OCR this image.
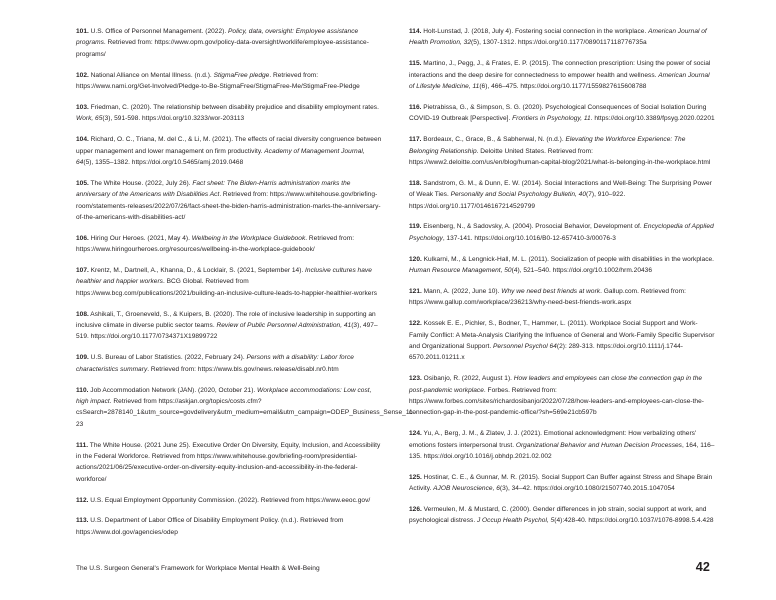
101. U.S. Office of Personnel Management. (2022). Policy, data, oversight: Employee assistance programs. Retrieved from: https://www.opm.gov/policy-data-oversight/worklife/employee-assistance-programs/

102. National Alliance on Mental Illness. (n.d.). StigmaFree pledge. Retrieved from: https://www.nami.org/Get-Involved/Pledge-to-Be-StigmaFree/StigmaFree-Me/StigmaFree-Pledge

103. Friedman, C. (2020). The relationship between disability prejudice and disability employment rates. Work, 65(3), 591-598. https://doi.org/10.3233/wor-203113

104. Richard, O. C., Triana, M. del C., & Li, M. (2021). The effects of racial diversity congruence between upper management and lower management on firm productivity. Academy of Management Journal, 64(5), 1355–1382. https://doi.org/10.5465/amj.2019.0468

105. The White House. (2022, July 26). Fact sheet: The Biden-Harris administration marks the anniversary of the Americans with Disabilities Act. Retrieved from: https://www.whitehouse.gov/briefing-room/statements-releases/2022/07/26/fact-sheet-the-biden-harris-administration-marks-the-anniversary-of-the-americans-with-disabilities-act/

106. Hiring Our Heroes. (2021, May 4). Wellbeing in the Workplace Guidebook. Retrieved from: https://www.hiringourheroes.org/resources/wellbeing-in-the-workplace-guidebook/

107. Krentz, M., Dartnell, A., Khanna, D., & Locklair, S. (2021, September 14). Inclusive cultures have healthier and happier workers. BCG Global. Retrieved from https://www.bcg.com/publications/2021/building-an-inclusive-culture-leads-to-happier-healthier-workers

108. Ashikali, T., Groeneveld, S., & Kuipers, B. (2020). The role of inclusive leadership in supporting an inclusive climate in diverse public sector teams. Review of Public Personnel Administration, 41(3), 497–519. https://doi.org/10.1177/0734371X19899722

109. U.S. Bureau of Labor Statistics. (2022, February 24). Persons with a disability: Labor force characteristics summary. Retrieved from: https://www.bls.gov/news.release/disabl.nr0.htm

110. Job Accommodation Network (JAN). (2020, October 21). Workplace accommodations: Low cost, high impact. Retrieved from https://askjan.org/topics/costs.cfm?csSearch=2878140_1&utm_source=govdelivery&utm_medium=email&utm_campaign=ODEP_Business_Sense_11-23

111. The White House. (2021 June 25). Executive Order On Diversity, Equity, Inclusion, and Accessibility in the Federal Workforce. Retrieved from https://www.whitehouse.gov/briefing-room/presidential-actions/2021/06/25/executive-order-on-diversity-equity-inclusion-and-accessibility-in-the-federal-workforce/

112. U.S. Equal Employment Opportunity Commission. (2022). Retrieved from https://www.eeoc.gov/

113. U.S. Department of Labor Office of Disability Employment Policy. (n.d.). Retrieved from https://www.dol.gov/agencies/odep

114. Holt-Lunstad, J. (2018, July 4). Fostering social connection in the workplace. American Journal of Health Promotion, 32(5), 1307-1312. https://doi.org/10.1177/0890117118776735a

115. Martino, J., Pegg, J., & Frates, E. P. (2015). The connection prescription: Using the power of social interactions and the deep desire for connectedness to empower health and wellness. American Journal of Lifestyle Medicine, 11(6), 466–475. https://doi.org/10.1177/1559827615608788

116. Pietrabissa, G., & Simpson, S. G. (2020). Psychological Consequences of Social Isolation During COVID-19 Outbreak [Perspective]. Frontiers in Psychology, 11. https://doi.org/10.3389/fpsyg.2020.02201

117. Bordeaux, C., Grace, B., & Sabherwal, N. (n.d.). Elevating the Workforce Experience: The Belonging Relationship. Deloitte United States. Retrieved from: https://www2.deloitte.com/us/en/blog/human-capital-blog/2021/what-is-belonging-in-the-workplace.html

118. Sandstrom, G. M., & Dunn, E. W. (2014). Social Interactions and Well-Being: The Surprising Power of Weak Ties. Personality and Social Psychology Bulletin, 40(7), 910–922. https://doi.org/10.1177/0146167214529799

119. Eisenberg, N., & Sadovsky, A. (2004). Prosocial Behavior, Development of. Encyclopedia of Applied Psychology, 137-141. https://doi.org/10.1016/B0-12-657410-3/00076-3

120. Kulkarni, M., & Lengnick-Hall, M. L. (2011). Socialization of people with disabilities in the workplace. Human Resource Management, 50(4), 521–540. https://doi.org/10.1002/hrm.20436

121. Mann, A. (2022, June 10). Why we need best friends at work. Gallup.com. Retrieved from: https://www.gallup.com/workplace/236213/why-need-best-friends-work.aspx

122. Kossek E. E., Pichler, S., Bodner, T., Hammer, L. (2011). Workplace Social Support and Work-Family Conflict: A Meta-Analysis Clarifying the Influence of General and Work-Family Specific Supervisor and Organizational Support. Personnel Psychol 64(2): 289-313. https://doi.org/10.1111/j.1744-6570.2011.01211.x

123. Osibanjo, R. (2022, August 1). How leaders and employees can close the connection gap in the post-pandemic workplace. Forbes. Retrieved from: https://www.forbes.com/sites/richardosibanjo/2022/07/28/how-leaders-and-employees-can-close-the-connection-gap-in-the-post-pandemic-office/?sh=569e21cb597b

124. Yu, A., Berg, J. M., & Zlatev, J. J. (2021). Emotional acknowledgment: How verbalizing others' emotions fosters interpersonal trust. Organizational Behavior and Human Decision Processes, 164, 116–135. https://doi.org/10.1016/j.obhdp.2021.02.002

125. Hostinar, C. E., & Gunnar, M. R. (2015). Social Support Can Buffer against Stress and Shape Brain Activity. AJOB Neuroscience, 6(3), 34–42. https://doi.org/10.1080/21507740.2015.1047054

126. Vermeulen, M. & Mustard, C. (2000). Gender differences in job strain, social support at work, and psychological distress. J Occup Health Psychol, 5(4):428-40. https://doi.org/10.1037//1076-8998.5.4.428

The U.S. Surgeon General's Framework for Workplace Mental Health & Well-Being	42
